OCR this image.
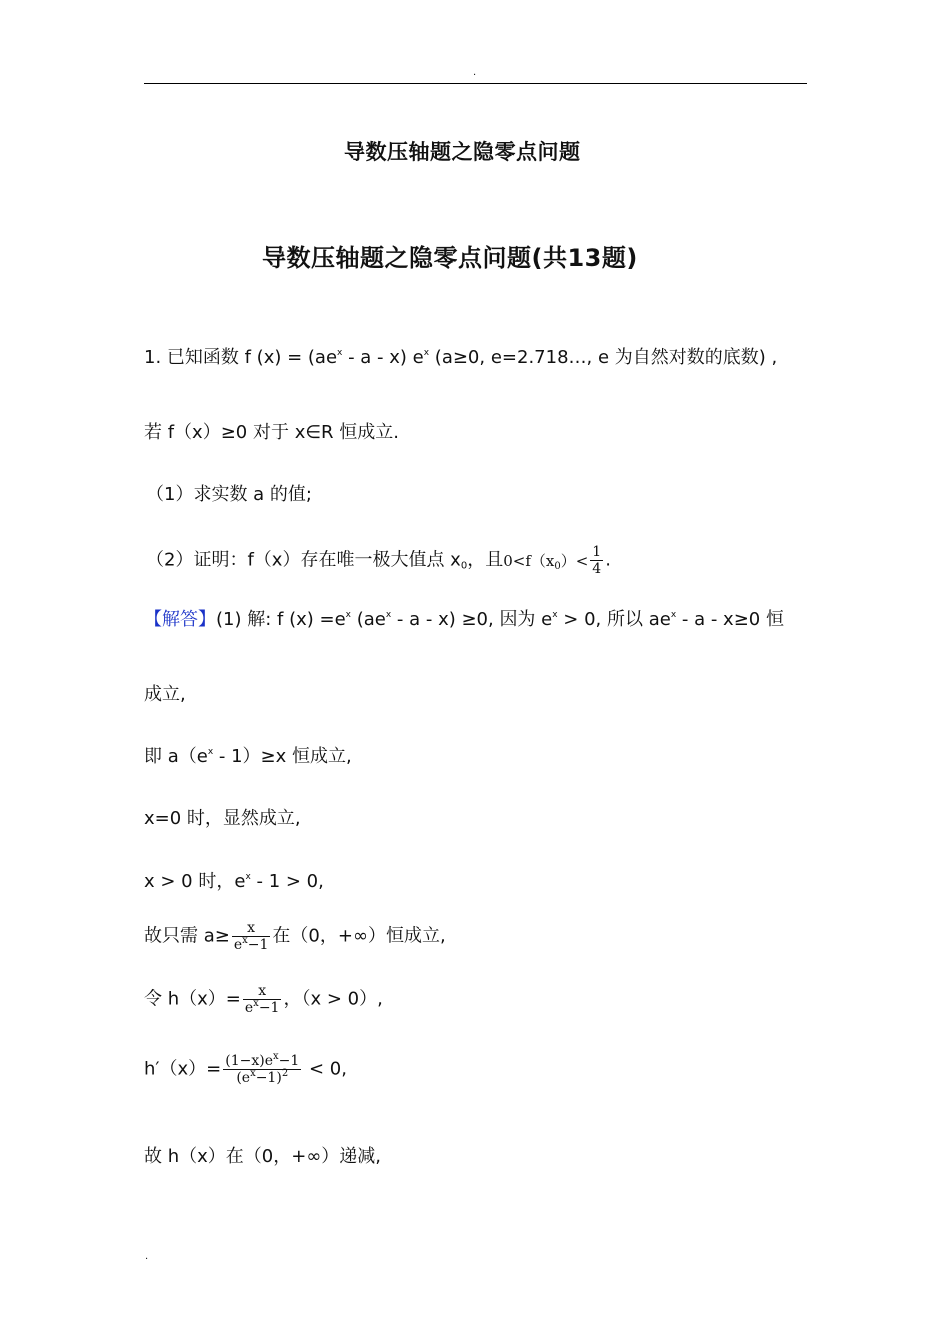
.
导数压轴题之隐零点问题
导数压轴题之隐零点问题(共13题)
1. 已知函数 f $(x) = (ae^x - a - x)$ $e^x$ (a≥0, e=2.718…, e 为自然对数的底数) ,
若 f（x）≥0 对于 x∈R 恒成立.
（1）求实数 a 的值;
（2）证明：f（x）存在唯一极大值点 $x_0$，且$0<f(x_0)< \frac{1}{4}$ .
【解答】(1) 解: f $(x) =e^x$ $(ae^x - a - x) \ge 0$, 因为 $e^x > 0$, 所以 $ae^x - a - x\ge 0$ 恒
成立,
即 $a(e^x - 1)\ge x$ 恒成立,
x=0 时，显然成立,
x > 0 时，$e^x - 1 > 0$,
故只需 $a\ge \frac{x}{e^x-1}$ 在（0，+∞）恒成立,
令 $h(x)= \frac{x}{e^x-1}$ ，（x > 0）,
$h'(x)= \frac{(1-x)e^x-1}{(e^x-1)^2} < 0$,
故 h（x）在（0，+∞）递减,
.
